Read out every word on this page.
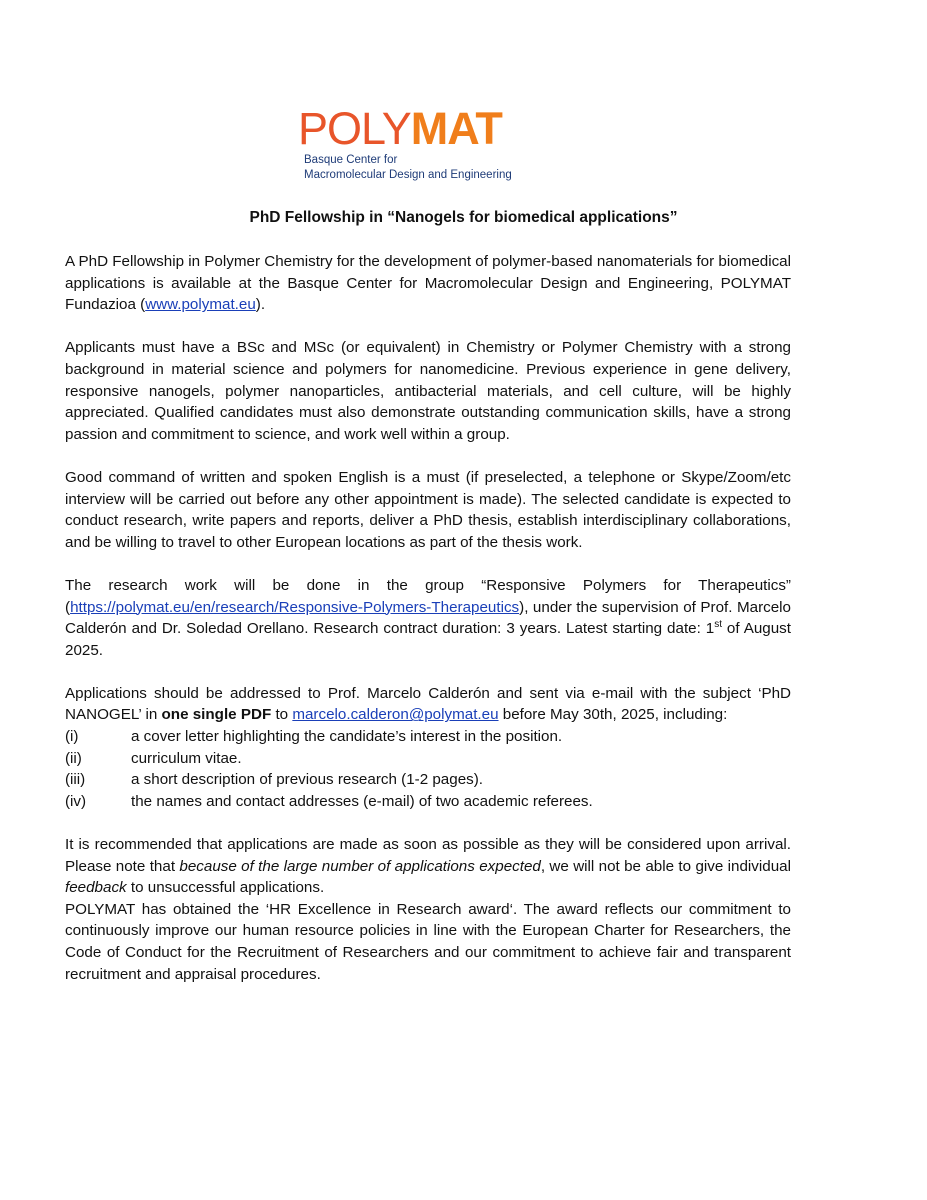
POLYMAT
Basque Center for
Macromolecular Design and Engineering
PhD Fellowship in “Nanogels for biomedical applications”

A PhD Fellowship in Polymer Chemistry for the development of polymer-based nanomaterials for biomedical applications is available at the Basque Center for Macromolecular Design and Engineering, POLYMAT Fundazioa (www.polymat.eu).

Applicants must have a BSc and MSc (or equivalent) in Chemistry or Polymer Chemistry with a strong background in material science and polymers for nanomedicine. Previous experience in gene delivery, responsive nanogels, polymer nanoparticles, antibacterial materials, and cell culture, will be highly appreciated. Qualified candidates must also demonstrate outstanding communication skills, have a strong passion and commitment to science, and work well within a group.

Good command of written and spoken English is a must (if preselected, a telephone or Skype/Zoom/etc interview will be carried out before any other appointment is made). The selected candidate is expected to conduct research, write papers and reports, deliver a PhD thesis, establish interdisciplinary collaborations, and be willing to travel to other European locations as part of the thesis work.

The research work will be done in the group “Responsive Polymers for Therapeutics” (https://polymat.eu/en/research/Responsive-Polymers-Therapeutics), under the supervision of Prof. Marcelo Calderón and Dr. Soledad Orellano. Research contract duration: 3 years. Latest starting date: 1st of August 2025.

Applications should be addressed to Prof. Marcelo Calderón and sent via e-mail with the subject ‘PhD NANOGEL’ in one single PDF to marcelo.calderon@polymat.eu before May 30th, 2025, including:

(i)	a cover letter highlighting the candidate’s interest in the position.
(ii)	curriculum vitae.
(iii)	a short description of previous research (1-2 pages).
(iv)	the names and contact addresses (e-mail) of two academic referees.

It is recommended that applications are made as soon as possible as they will be considered upon arrival. Please note that because of the large number of applications expected, we will not be able to give individual feedback to unsuccessful applications.

POLYMAT has obtained the ‘HR Excellence in Research award‘. The award reflects our commitment to continuously improve our human resource policies in line with the European Charter for Researchers, the Code of Conduct for the Recruitment of Researchers and our commitment to achieve fair and transparent recruitment and appraisal procedures.
